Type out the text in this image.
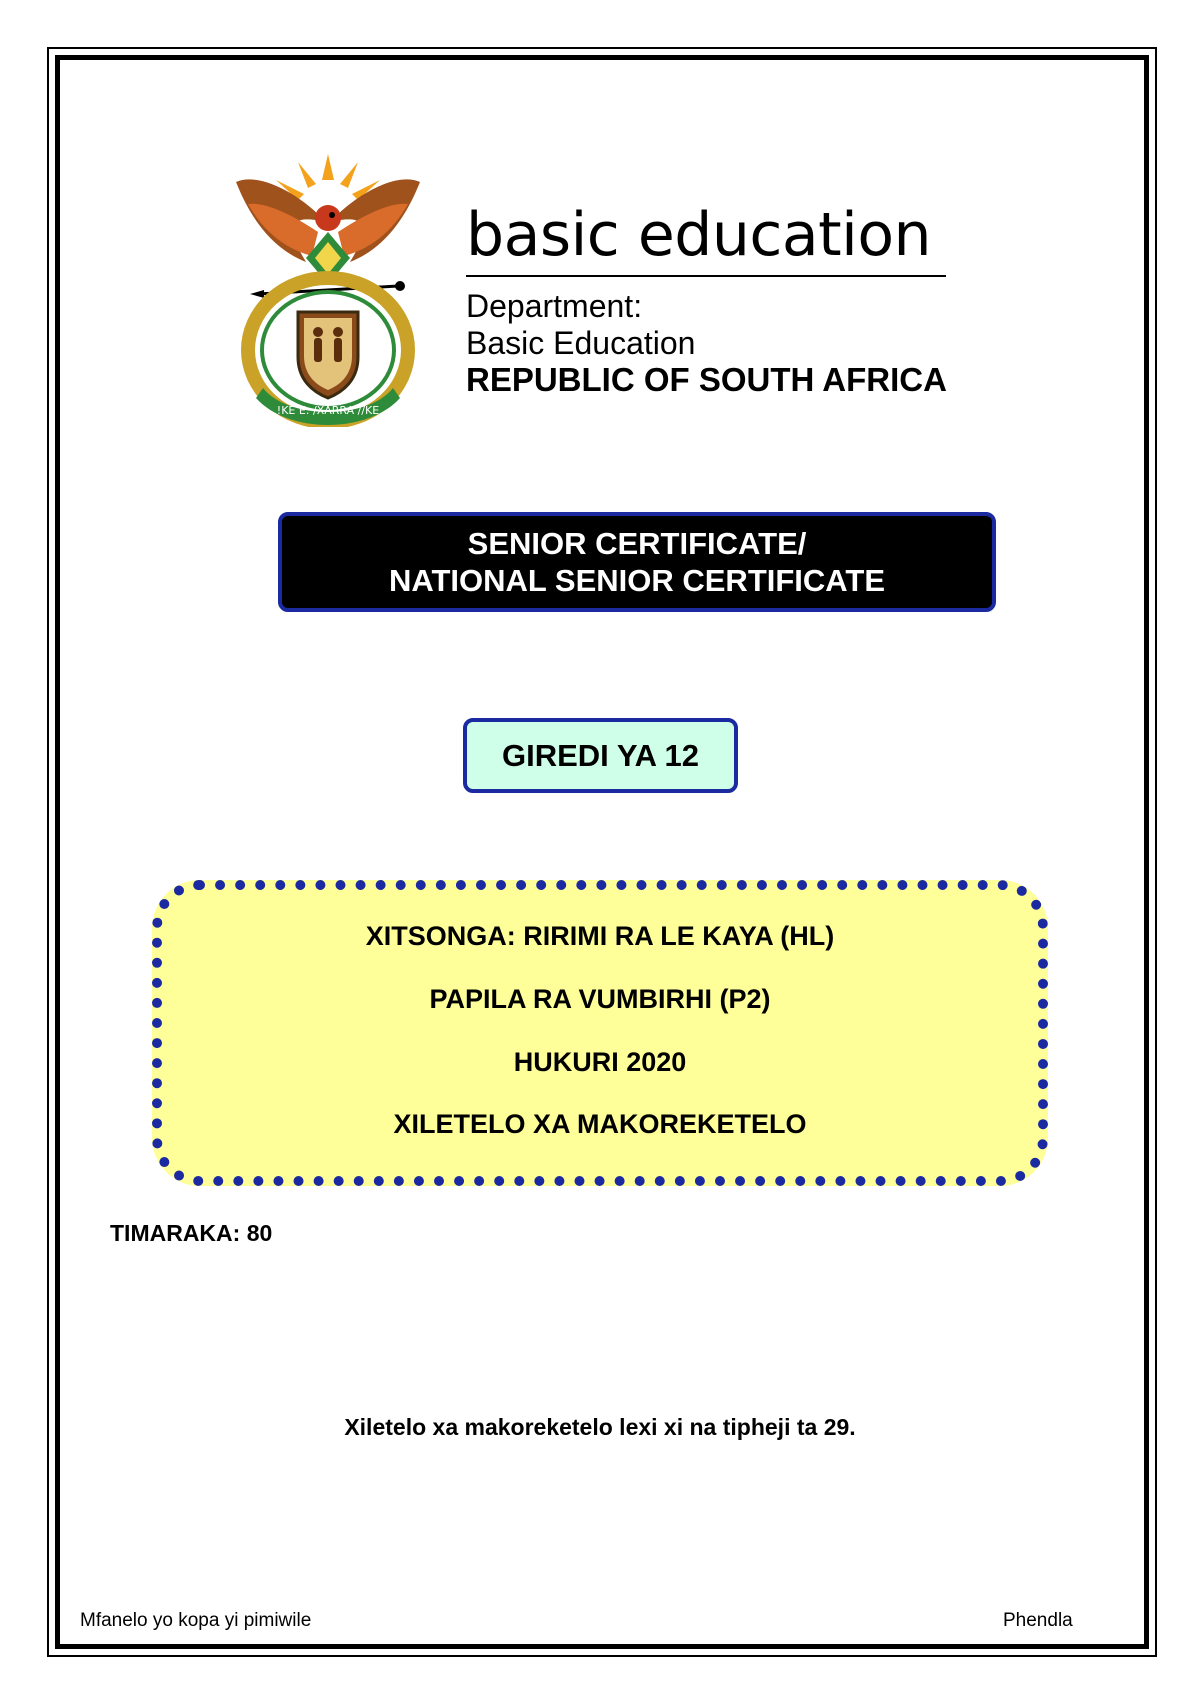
!KE E: /XARRA //KE
basic education
Department:
Basic Education
REPUBLIC OF SOUTH AFRICA
SENIOR CERTIFICATE/
NATIONAL SENIOR CERTIFICATE
GIREDI YA 12
XITSONGA: RIRIMI RA LE KAYA (HL)
PAPILA RA VUMBIRHI (P2)
HUKURI 2020
XILETELO XA MAKOREKETELO
TIMARAKA: 80
Xiletelo xa makoreketelo lexi xi na tipheji ta 29.
Mfanelo yo kopa yi pimiwile	Phendla
